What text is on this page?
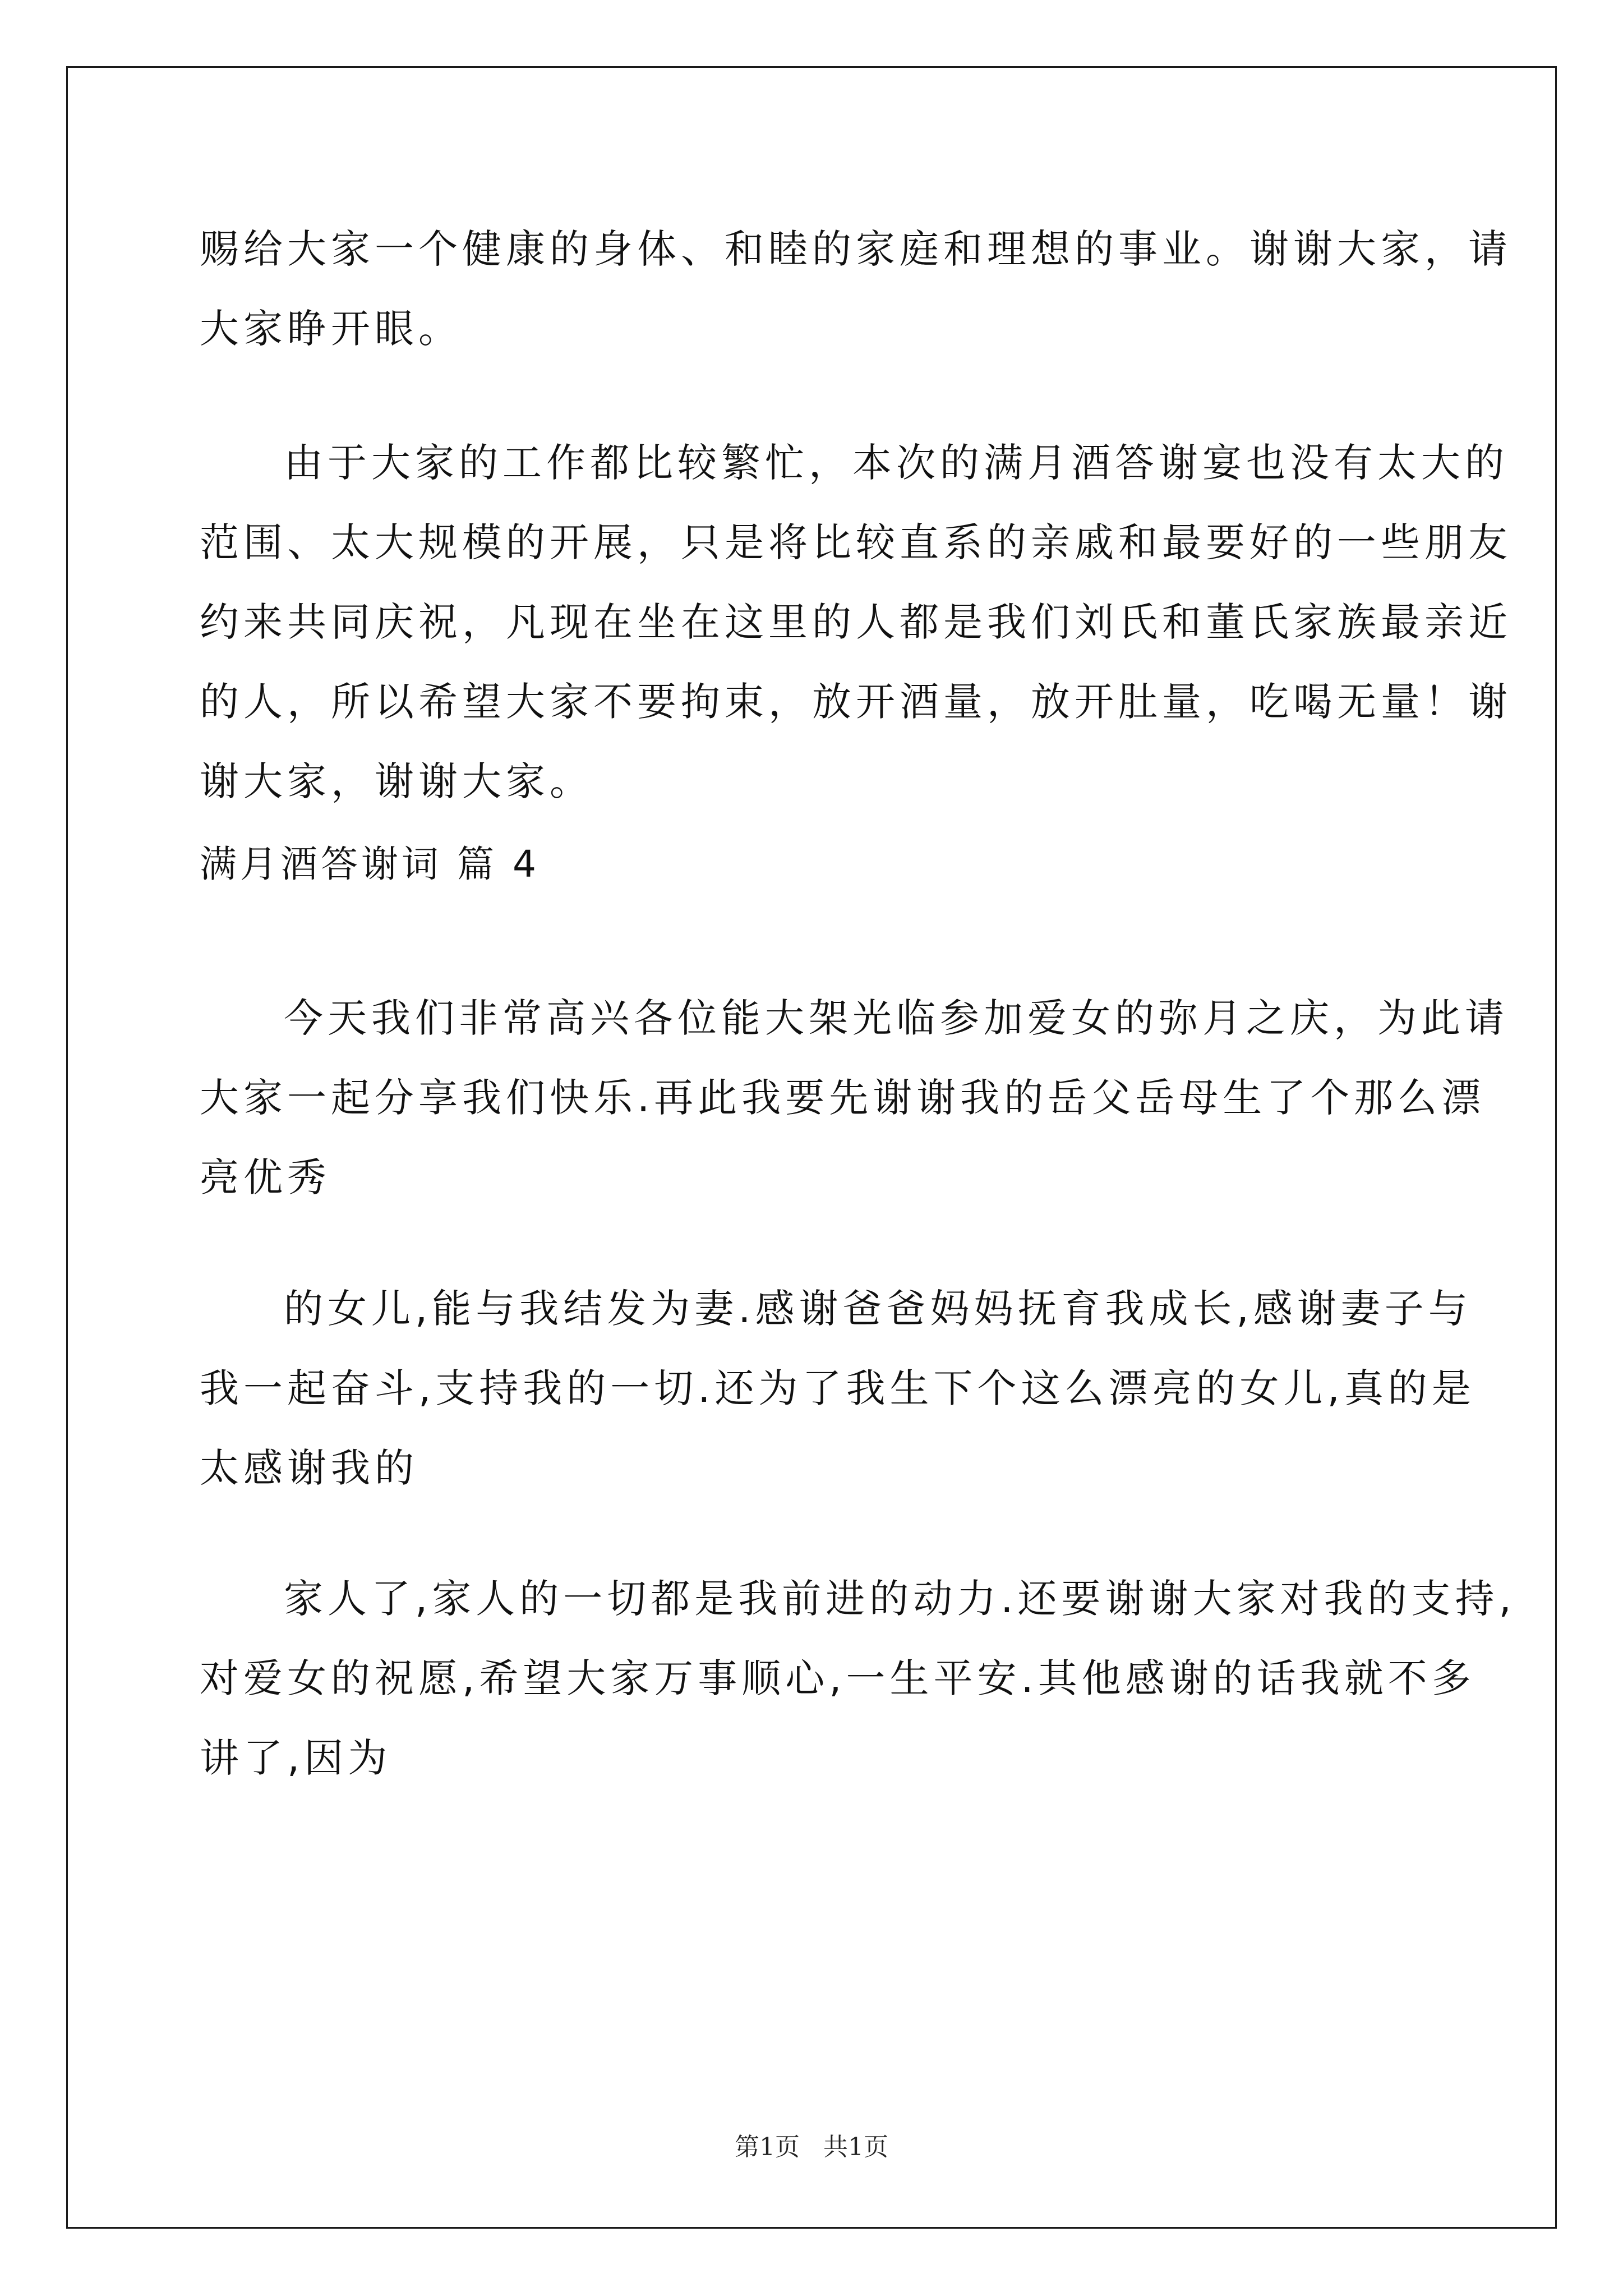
赐给大家一个健康的身体、和睦的家庭和理想的事业。谢谢大家，请

大家睁开眼。

由于大家的工作都比较繁忙，本次的满月酒答谢宴也没有太大的

范围、太大规模的开展，只是将比较直系的亲戚和最要好的一些朋友

约来共同庆祝，凡现在坐在这里的人都是我们刘氏和董氏家族最亲近

的人，所以希望大家不要拘束，放开酒量，放开肚量，吃喝无量！谢

谢大家，谢谢大家。

满月酒答谢词 篇 4

今天我们非常高兴各位能大架光临参加爱女的弥月之庆，为此请

大家一起分享我们快乐.再此我要先谢谢我的岳父岳母生了个那么漂

亮优秀

的女儿,能与我结发为妻.感谢爸爸妈妈抚育我成长,感谢妻子与

我一起奋斗,支持我的一切.还为了我生下个这么漂亮的女儿,真的是

太感谢我的

家人了,家人的一切都是我前进的动力.还要谢谢大家对我的支持,

对爱女的祝愿,希望大家万事顺心,一生平安.其他感谢的话我就不多

讲了,因为

第1页   共1页
